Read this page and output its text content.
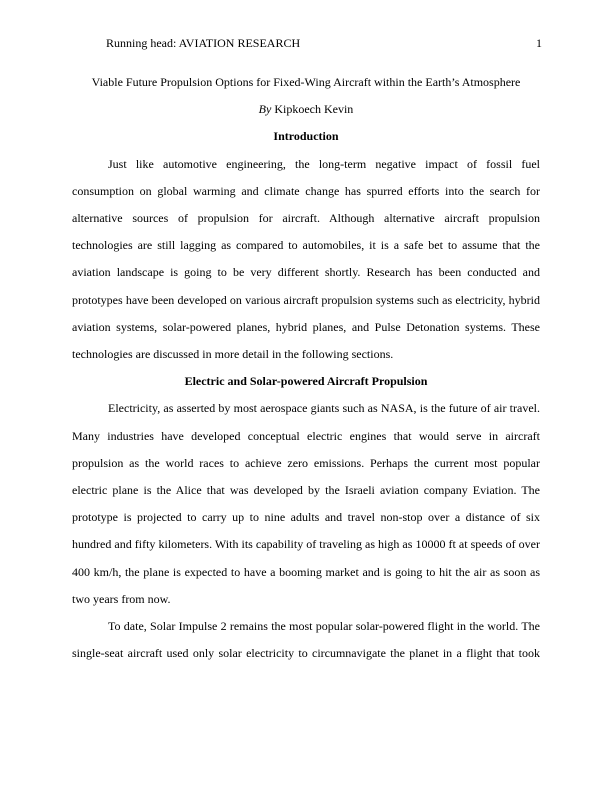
Running head: AVIATION RESEARCH	1

Viable Future Propulsion Options for Fixed-Wing Aircraft within the Earth’s Atmosphere

By Kipkoech Kevin

Introduction

Just like automotive engineering, the long-term negative impact of fossil fuel consumption on global warming and climate change has spurred efforts into the search for alternative sources of propulsion for aircraft. Although alternative aircraft propulsion technologies are still lagging as compared to automobiles, it is a safe bet to assume that the aviation landscape is going to be very different shortly. Research has been conducted and prototypes have been developed on various aircraft propulsion systems such as electricity, hybrid aviation systems, solar-powered planes, hybrid planes, and Pulse Detonation systems. These technologies are discussed in more detail in the following sections.

Electric and Solar-powered Aircraft Propulsion

Electricity, as asserted by most aerospace giants such as NASA, is the future of air travel. Many industries have developed conceptual electric engines that would serve in aircraft propulsion as the world races to achieve zero emissions. Perhaps the current most popular electric plane is the Alice that was developed by the Israeli aviation company Eviation. The prototype is projected to carry up to nine adults and travel non-stop over a distance of six hundred and fifty kilometers. With its capability of traveling as high as 10000 ft at speeds of over 400 km/h, the plane is expected to have a booming market and is going to hit the air as soon as two years from now.

To date, Solar Impulse 2 remains the most popular solar-powered flight in the world. The single-seat aircraft used only solar electricity to circumnavigate the planet in a flight that took
